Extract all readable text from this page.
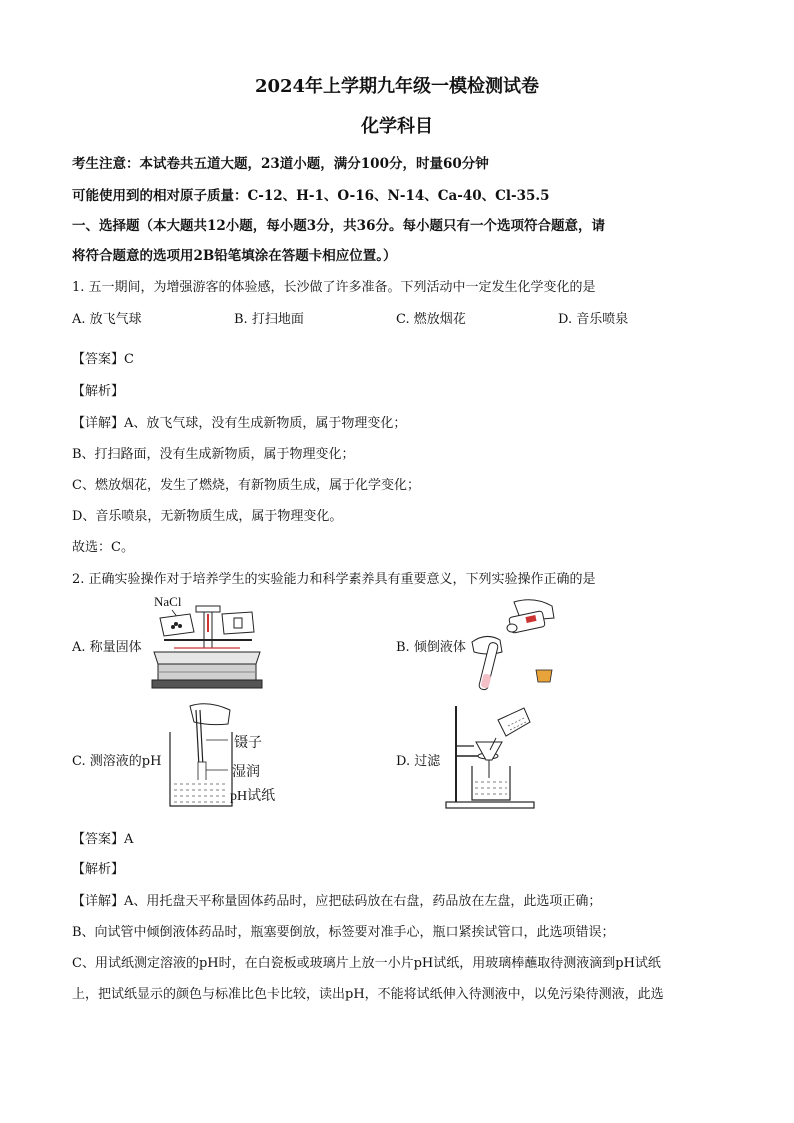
2024年上学期九年级一模检测试卷
化学科目
考生注意：本试卷共五道大题，23道小题，满分100分，时量60分钟
可能使用到的相对原子质量：C-12、H-1、O-16、N-14、Ca-40、Cl-35.5
一、选择题（本大题共12小题，每小题3分，共36分。每小题只有一个选项符合题意，请
将符合题意的选项用2B铅笔填涂在答题卡相应位置。）
1. 五一期间，为增强游客的体验感，长沙做了许多准备。下列活动中一定发生化学变化的是
A. 放飞气球	B. 打扫地面	C. 燃放烟花	D. 音乐喷泉
【答案】C
【解析】
【详解】A、放飞气球，没有生成新物质，属于物理变化；
B、打扫路面，没有生成新物质，属于物理变化；
C、燃放烟花，发生了燃烧，有新物质生成，属于化学变化；
D、音乐喷泉，无新物质生成，属于物理变化。
故选：C。
2. 正确实验操作对于培养学生的实验能力和科学素养具有重要意义，下列实验操作正确的是
A. 称量固体	B. 倾倒液体
C. 测溶液的pH	D. 过滤
NaCl
镊子
湿润
pH试纸
【答案】A
【解析】
【详解】A、用托盘天平称量固体药品时，应把砝码放在右盘，药品放在左盘，此选项正确；
B、向试管中倾倒液体药品时，瓶塞要倒放，标签要对准手心，瓶口紧挨试管口，此选项错误；
C、用试纸测定溶液的pH时，在白瓷板或玻璃片上放一小片pH试纸，用玻璃棒蘸取待测液滴到pH试纸
上，把试纸显示的颜色与标准比色卡比较，读出pH，不能将试纸伸入待测液中，以免污染待测液，此选
